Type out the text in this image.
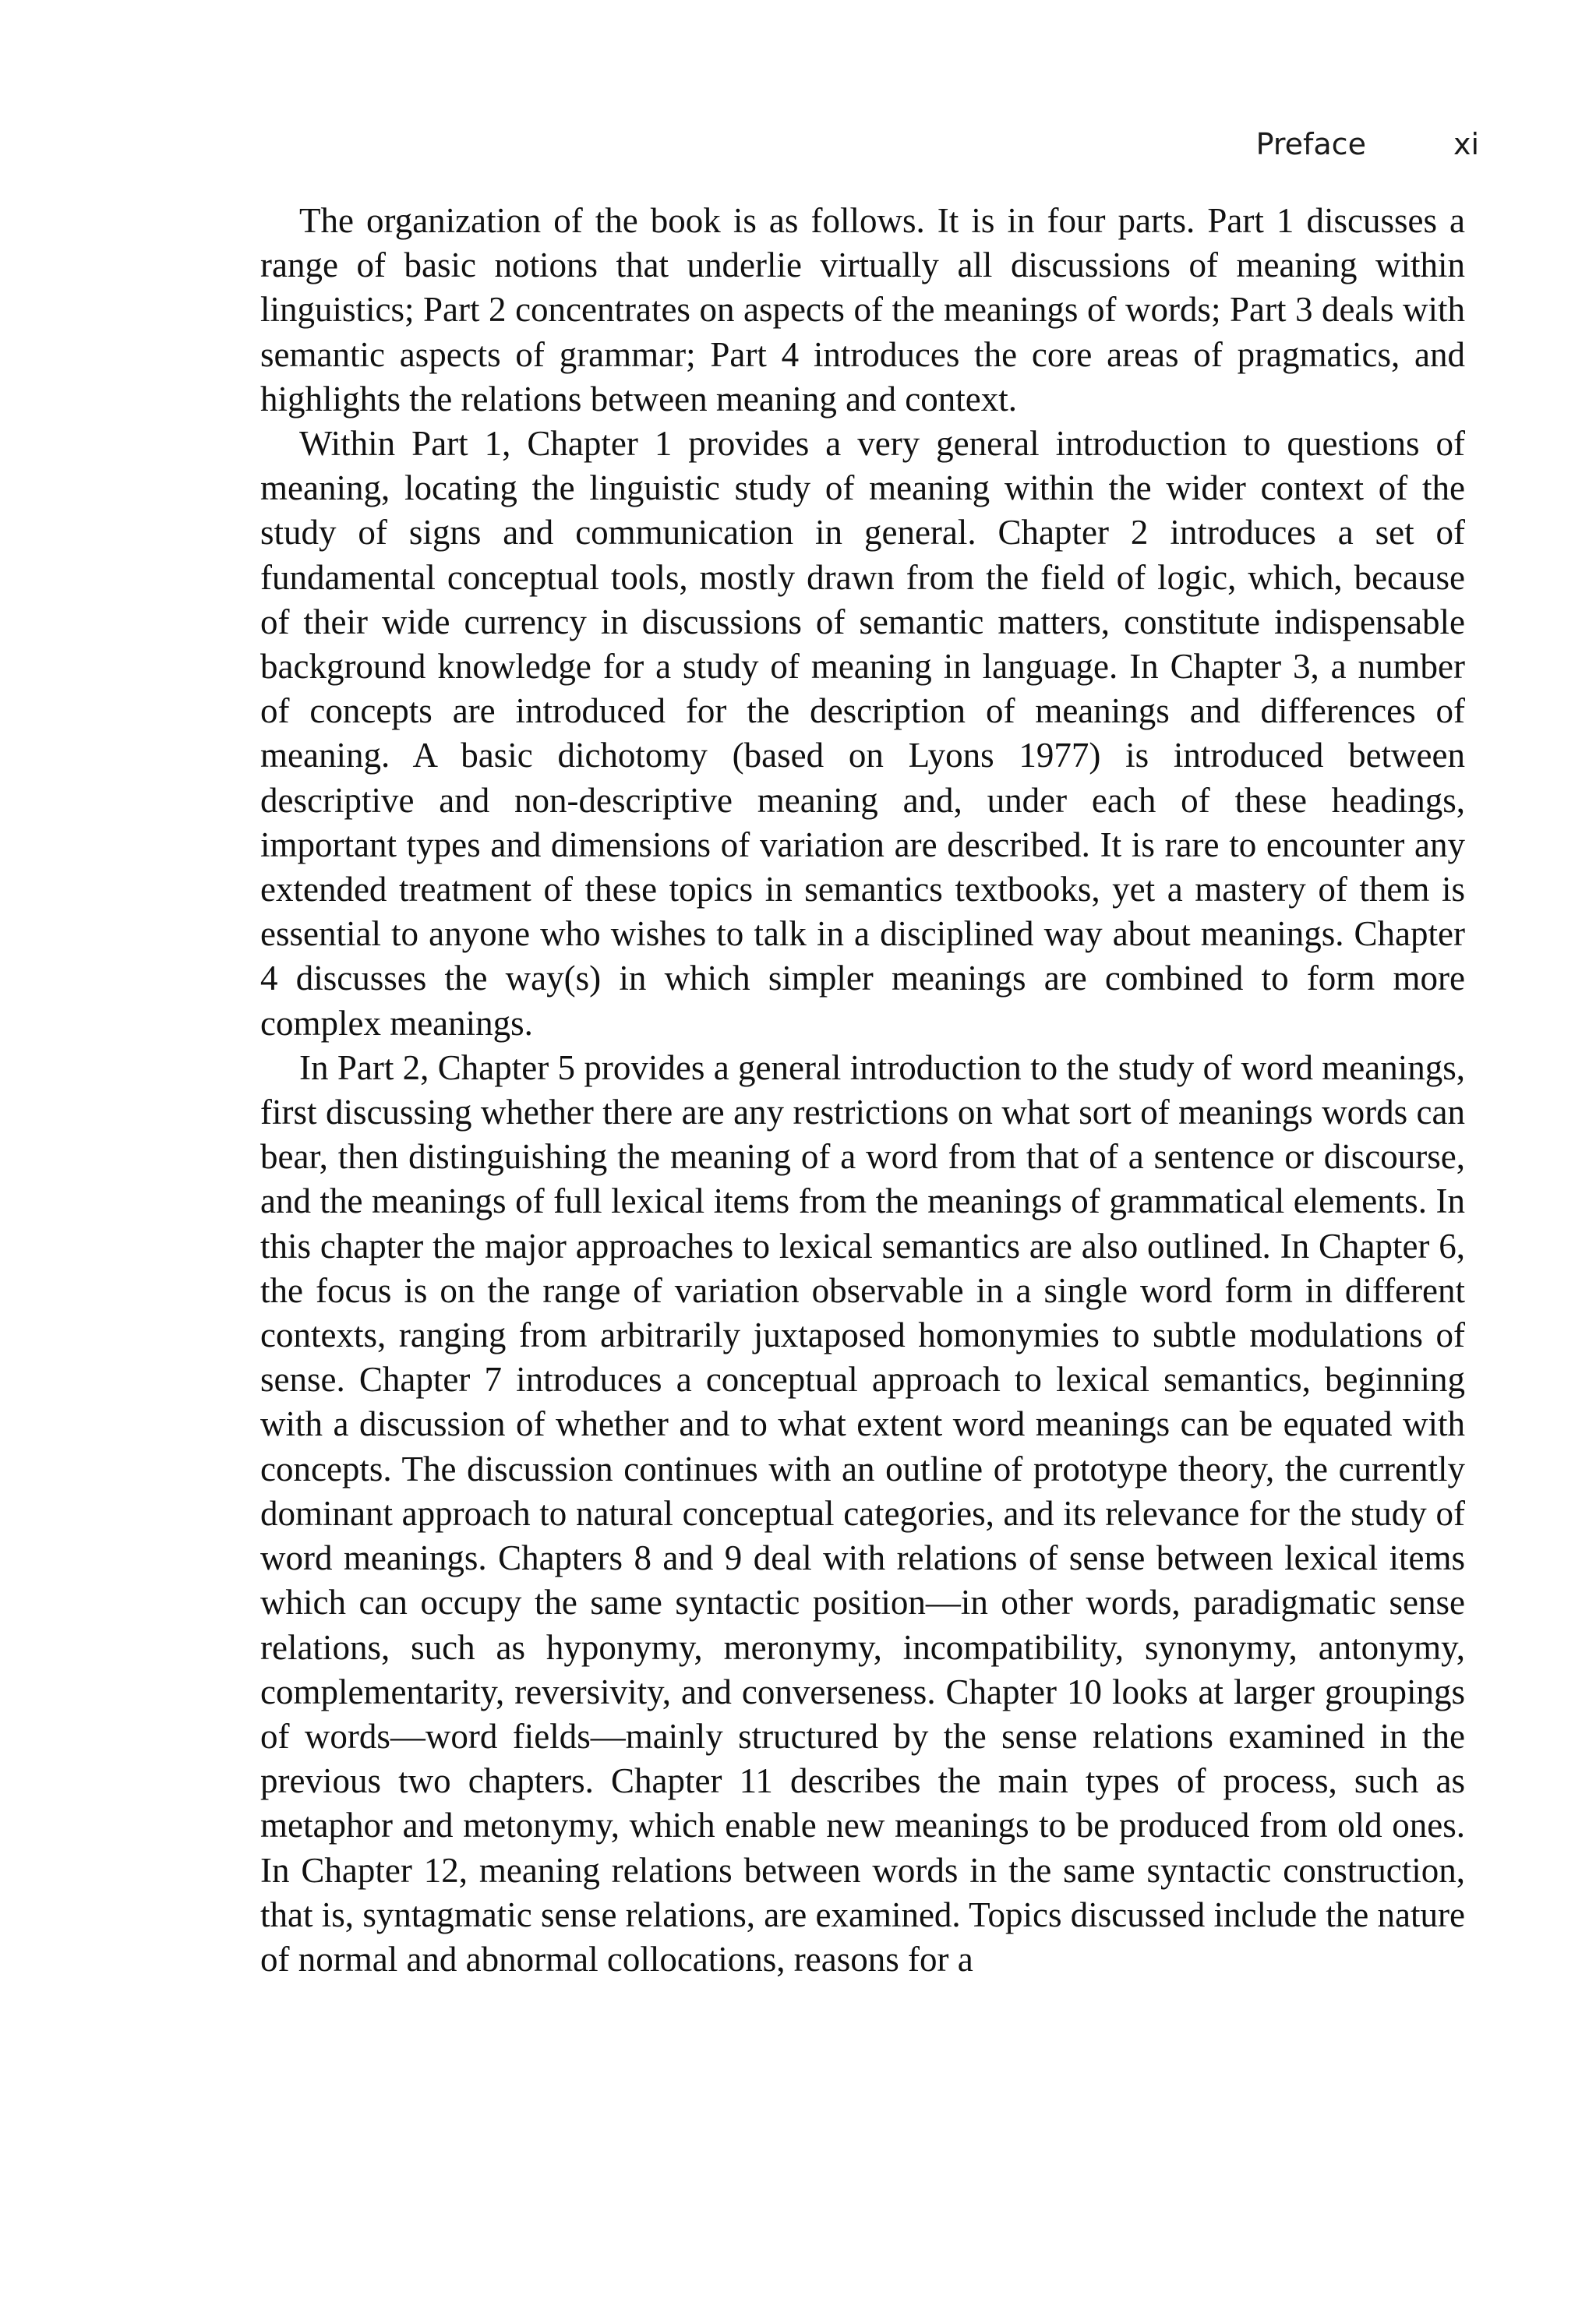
Preface	xi

The organization of the book is as follows. It is in four parts. Part 1 discusses a range of basic notions that underlie virtually all discussions of meaning within linguistics; Part 2 concentrates on aspects of the meanings of words; Part 3 deals with semantic aspects of grammar; Part 4 introduces the core areas of pragmatics, and highlights the relations between meaning and context.

Within Part 1, Chapter 1 provides a very general introduction to questions of meaning, locating the linguistic study of meaning within the wider context of the study of signs and communication in general. Chapter 2 introduces a set of fundamental conceptual tools, mostly drawn from the field of logic, which, because of their wide currency in discussions of semantic matters, constitute indispensable background knowledge for a study of meaning in language. In Chapter 3, a number of concepts are introduced for the description of meanings and differences of meaning. A basic dichotomy (based on Lyons 1977) is introduced between descriptive and non-descriptive meaning and, under each of these headings, important types and dimensions of variation are described. It is rare to encounter any extended treatment of these topics in semantics textbooks, yet a mastery of them is essential to anyone who wishes to talk in a disciplined way about meanings. Chapter 4 discusses the way(s) in which simpler meanings are combined to form more complex meanings.

In Part 2, Chapter 5 provides a general introduction to the study of word meanings, first discussing whether there are any restrictions on what sort of meanings words can bear, then distinguishing the meaning of a word from that of a sentence or discourse, and the meanings of full lexical items from the meanings of grammatical elements. In this chapter the major approaches to lexical semantics are also outlined. In Chapter 6, the focus is on the range of variation observable in a single word form in different contexts, ranging from arbitrarily juxtaposed homonymies to subtle modulations of sense. Chapter 7 introduces a conceptual approach to lexical semantics, beginning with a discussion of whether and to what extent word meanings can be equated with concepts. The discussion continues with an outline of prototype theory, the currently dominant approach to natural conceptual categories, and its relevance for the study of word meanings. Chapters 8 and 9 deal with relations of sense between lexical items which can occupy the same syntactic position—in other words, paradigmatic sense relations, such as hyponymy, meronymy, incompatibility, synonymy, antonymy, complementarity, reversivity, and converseness. Chapter 10 looks at larger groupings of words—word fields—mainly structured by the sense relations examined in the previous two chapters. Chapter 11 describes the main types of process, such as metaphor and metonymy, which enable new meanings to be produced from old ones. In Chapter 12, meaning relations between words in the same syntactic construction, that is, syntagmatic sense relations, are examined. Topics discussed include the nature of normal and abnormal collocations, reasons for a
